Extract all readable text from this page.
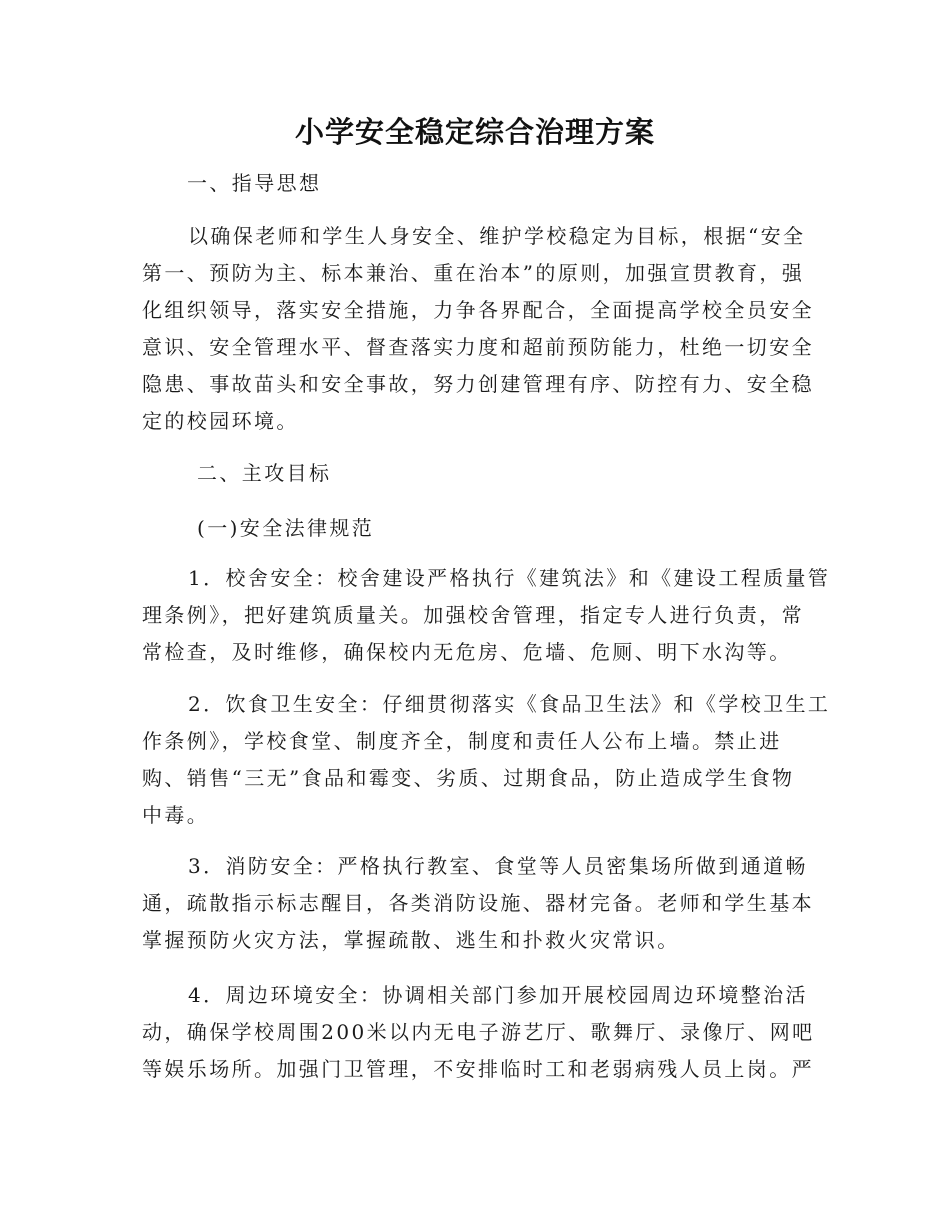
小学安全稳定综合治理方案
一、指导思想
以确保老师和学生人身安全、维护学校稳定为目标，根据“安全
第一、预防为主、标本兼治、重在治本”的原则，加强宣贯教育，强
化组织领导，落实安全措施，力争各界配合，全面提高学校全员安全
意识、安全管理水平、督查落实力度和超前预防能力，杜绝一切安全
隐患、事故苗头和安全事故，努力创建管理有序、防控有力、安全稳
定的校园环境。
二、主攻目标
(一)安全法律规范
1．校舍安全：校舍建设严格执行《建筑法》和《建设工程质量管
理条例》，把好建筑质量关。加强校舍管理，指定专人进行负责，常
常检查，及时维修，确保校内无危房、危墙、危厕、明下水沟等。
2．饮食卫生安全：仔细贯彻落实《食品卫生法》和《学校卫生工
作条例》，学校食堂、制度齐全，制度和责任人公布上墙。禁止进
购、销售“三无”食品和霉变、劣质、过期食品，防止造成学生食物
中毒。
3．消防安全：严格执行教室、食堂等人员密集场所做到通道畅
通，疏散指示标志醒目，各类消防设施、器材完备。老师和学生基本
掌握预防火灾方法，掌握疏散、逃生和扑救火灾常识。
4．周边环境安全：协调相关部门参加开展校园周边环境整治活
动，确保学校周围200米以内无电子游艺厅、歌舞厅、录像厅、网吧
等娱乐场所。加强门卫管理，不安排临时工和老弱病残人员上岗。严
